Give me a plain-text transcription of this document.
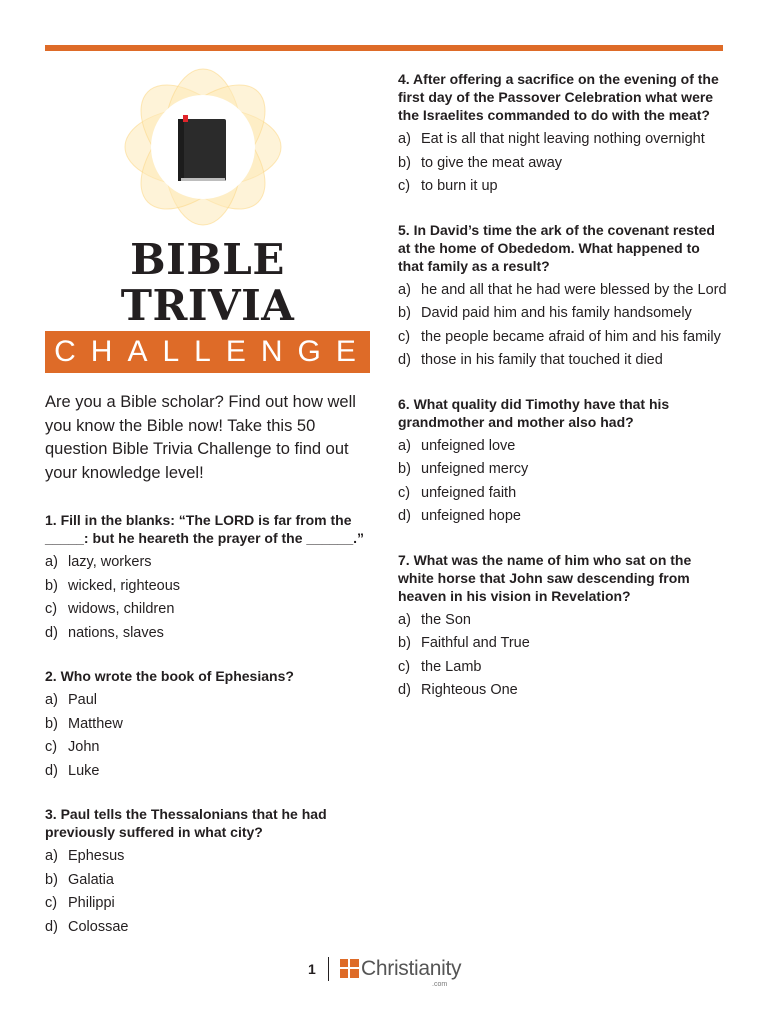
BIBLE TRIVIA
CHALLENGE
Are you a Bible scholar? Find out how well you know the Bible now! Take this 50 question Bible Trivia Challenge to find out your knowledge level!
1. Fill in the blanks: “The LORD is far from the _____: but he heareth the prayer of the ______.”
a) lazy, workers
b) wicked, righteous
c) widows, children
d) nations, slaves
2. Who wrote the book of Ephesians?
a) Paul
b) Matthew
c) John
d) Luke
3. Paul tells the Thessalonians that he had previously suffered in what city?
a) Ephesus
b) Galatia
c) Philippi
d) Colossae
4. After offering a sacrifice on the evening of the first day of the Passover Celebration what were the Israelites commanded to do with the meat?
a) Eat is all that night leaving nothing overnight
b) to give the meat away
c) to burn it up
5. In David’s time the ark of the covenant rested at the home of Obededom. What happened to that family as a result?
a) he and all that he had were blessed by the Lord
b) David paid him and his family handsomely
c) the people became afraid of him and his family
d) those in his family that touched it died
6. What quality did Timothy have that his grandmother and mother also had?
a) unfeigned love
b) unfeigned mercy
c) unfeigned faith
d) unfeigned hope
7. What was the name of him who sat on the white horse that John saw descending from heaven in his vision in Revelation?
a) the Son
b) Faithful and True
c) the Lamb
d) Righteous One
1 Christianity
.com
